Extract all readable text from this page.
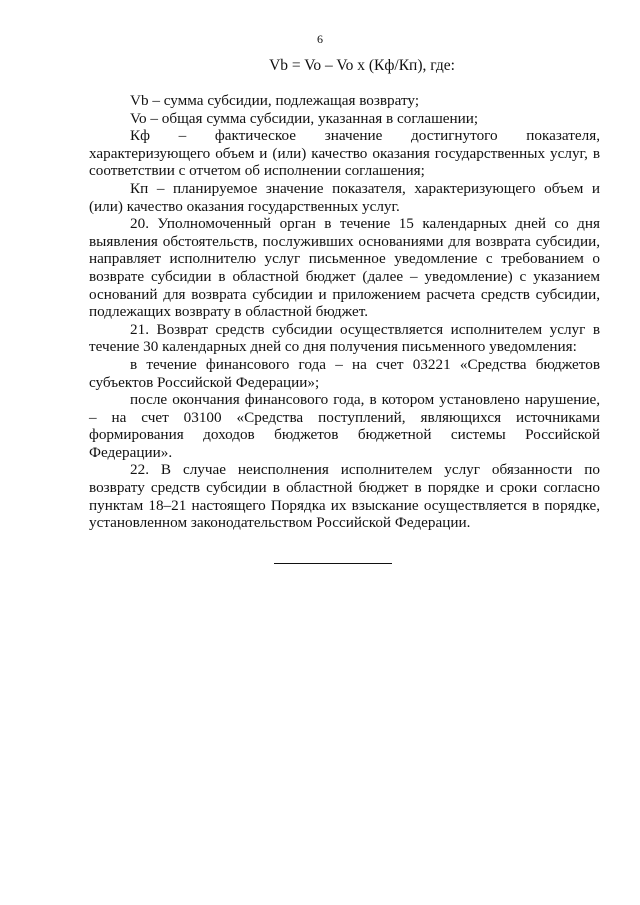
6
Vb = Vo – Vo x (Кф/Кп), где:

Vb – сумма субсидии, подлежащая возврату;

Vo – общая сумма субсидии, указанная в соглашении;

Кф – фактическое значение достигнутого показателя, характеризующего объем и (или) качество оказания государственных услуг, в соответствии с отчетом об исполнении соглашения;

Кп – планируемое значение показателя, характеризующего объем и (или) качество оказания государственных услуг.

20. Уполномоченный орган в течение 15 календарных дней со дня выявления обстоятельств, послуживших основаниями для возврата субсидии, направляет исполнителю услуг письменное уведомление с требованием о возврате субсидии в областной бюджет (далее – уведомление) с указанием оснований для возврата субсидии и приложением расчета средств субсидии, подлежащих возврату в областной бюджет.

21. Возврат средств субсидии осуществляется исполнителем услуг в течение 30 календарных дней со дня получения письменного уведомления:

в течение финансового года – на счет 03221 «Средства бюджетов субъектов Российской Федерации»;

после окончания финансового года, в котором установлено нарушение, – на счет 03100 «Средства поступлений, являющихся источниками формирования доходов бюджетов бюджетной системы Российской Федерации».

22. В случае неисполнения исполнителем услуг обязанности по возврату средств субсидии в областной бюджет в порядке и сроки согласно пунктам 18–21 настоящего Порядка их взыскание осуществляется в порядке, установленном законодательством Российской Федерации.
